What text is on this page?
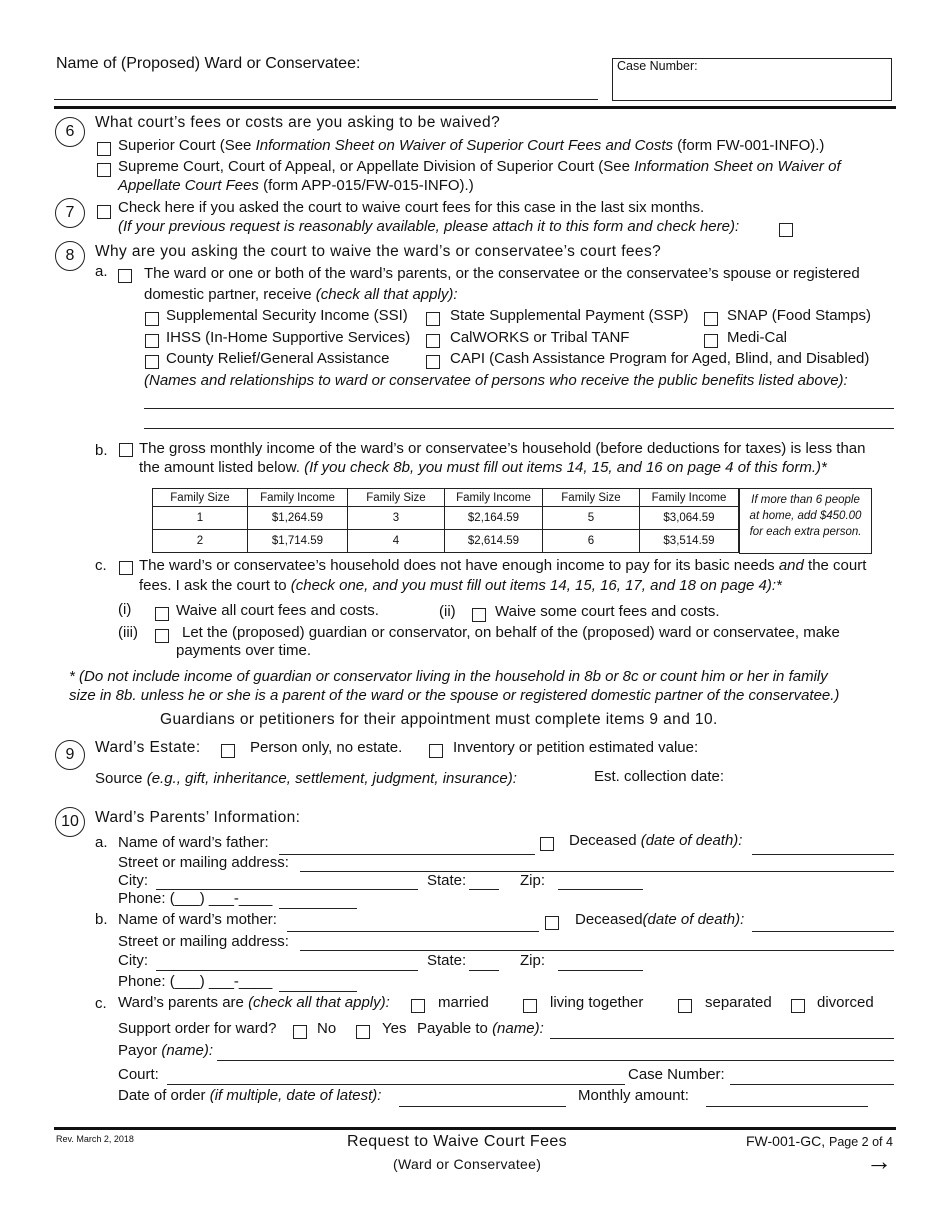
Name of (Proposed) Ward or Conservatee:	Case Number:
6
What court’s fees or costs are you asking to be waived?
Superior Court (See Information Sheet on Waiver of Superior Court Fees and Costs (form FW-001-INFO).)
Supreme Court, Court of Appeal, or Appellate Division of Superior Court (See Information Sheet on Waiver of
Appellate Court Fees (form APP-015/FW-015-INFO).)
7	Check here if you asked the court to waive court fees for this case in the last six months.
(If your previous request is reasonably available, please attach it to this form and check here):
8	Why are you asking the court to waive the ward’s or conservatee’s court fees?
a. The ward or one or both of the ward’s parents, or the conservatee or the conservatee’s spouse or registered
domestic partner, receive (check all that apply):
Supplemental Security Income (SSI)	State Supplemental Payment (SSP)	SNAP (Food Stamps)
IHSS (In-Home Supportive Services)	CalWORKS or Tribal TANF	Medi-Cal
County Relief/General Assistance	CAPI (Cash Assistance Program for Aged, Blind, and Disabled)
(Names and relationships to ward or conservatee of persons who receive the public benefits listed above):
b. The gross monthly income of the ward’s or conservatee’s household (before deductions for taxes) is less than
the amount listed below. (If you check 8b, you must fill out items 14, 15, and 16 on page 4 of this form.)*
Family Size	Family Income	Family Size	Family Income	Family Size	Family Income
1	$1,264.59	3	$2,164.59	5	$3,064.59
2	$1,714.59	4	$2,614.59	6	$3,514.59
If more than 6 people
at home, add $450.00
for each extra person.
c. The ward’s or conservatee’s household does not have enough income to pay for its basic needs and the court
fees. I ask the court to (check one, and you must fill out items 14, 15, 16, 17, and 18 on page 4):*
(i)	Waive all court fees and costs.	(ii)	Waive some court fees and costs.
(iii)	Let the (proposed) guardian or conservator, on behalf of the (proposed) ward or conservatee, make
payments over time.
* (Do not include income of guardian or conservator living in the household in 8b or 8c or count him or her in family
size in 8b. unless he or she is a parent of the ward or the spouse or registered domestic partner of the conservatee.)
Guardians or petitioners for their appointment must complete items 9 and 10.
9	Ward’s Estate:	Person only, no estate.	Inventory or petition estimated value:
Source (e.g., gift, inheritance, settlement, judgment, insurance):	Est. collection date:
10	Ward’s Parents’ Information:
a. Name of ward’s father:	Deceased (date of death):
Street or mailing address:
City:	State:	Zip:
Phone: (___) ___-____
b. Name of ward’s mother:	Deceased(date of death):
Street or mailing address:
City:	State:	Zip:
Phone: (___) ___-____
c. Ward’s parents are (check all that apply):	married	living together	separated	divorced
Support order for ward?	No	Yes Payable to (name):
Payor (name):
Court:	Case Number:
Date of order (if multiple, date of latest):	Monthly amount:
Rev. March 2, 2018	Request to Waive Court Fees
(Ward or Conservatee)
FW-001-GC, Page 2 of 4
→
